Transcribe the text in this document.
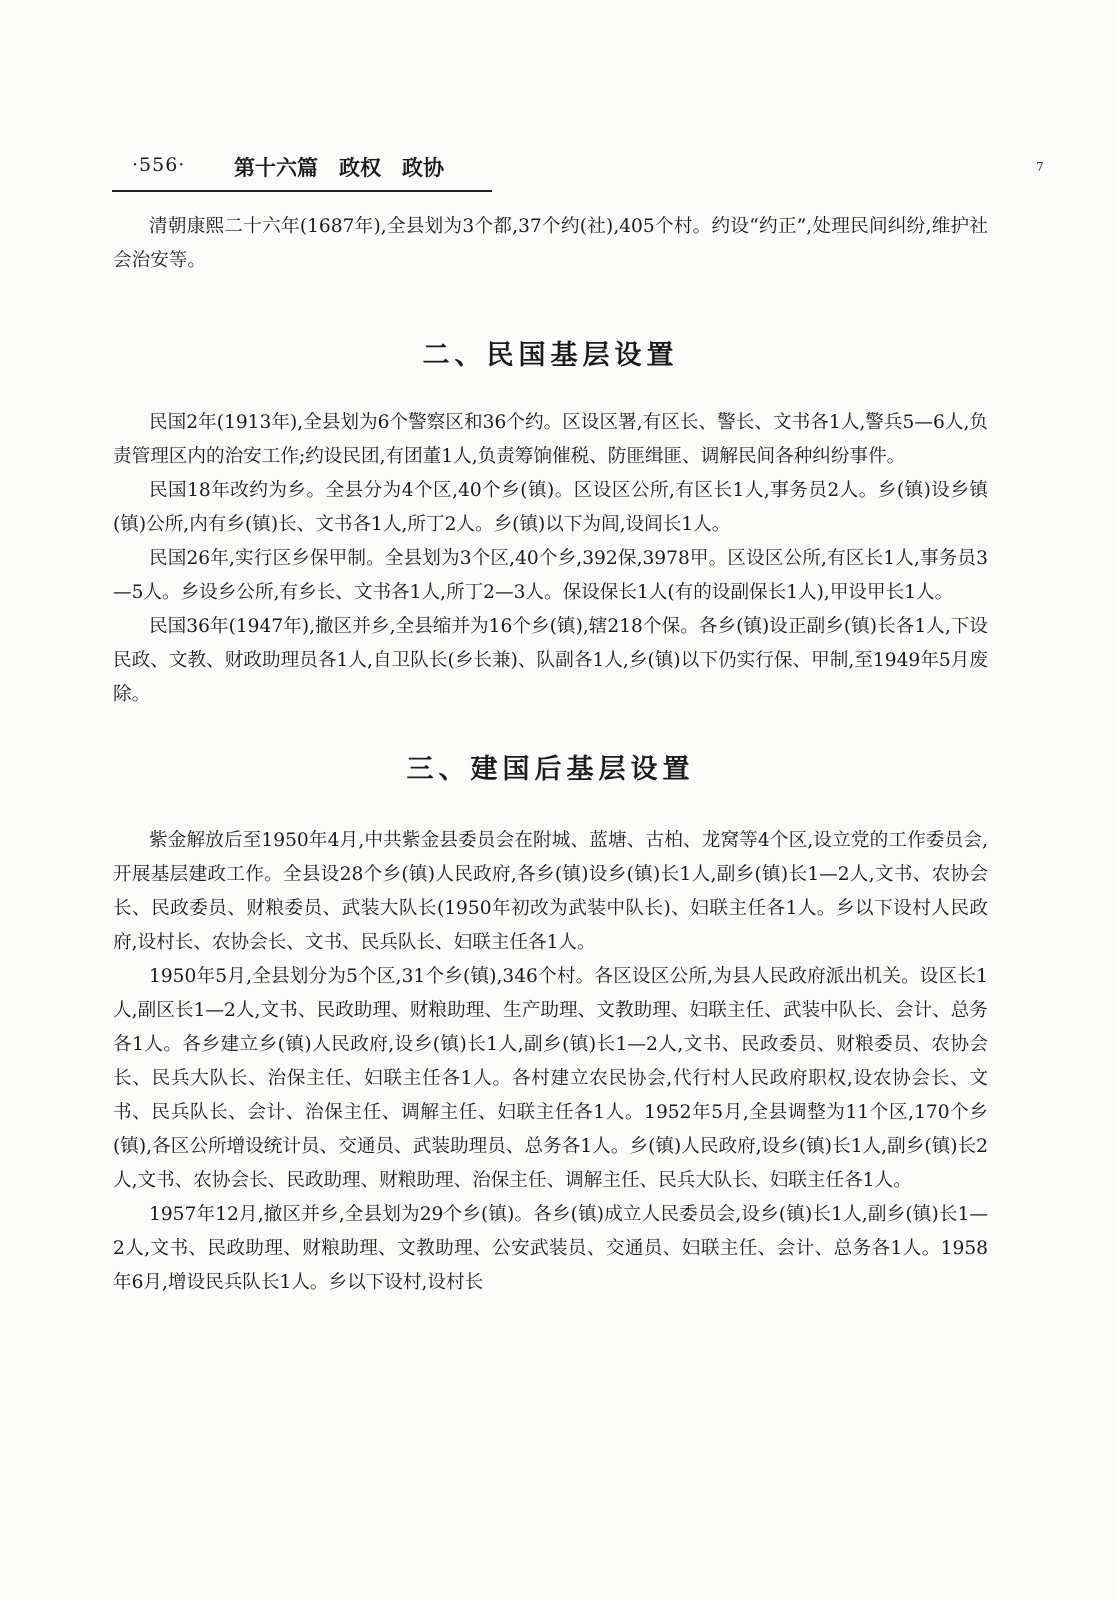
·556· 第十六篇　政权　政协	7

清朝康熙二十六年(1687年),全县划为3个都,37个约(社),405个村。约设“约正”,处理民间纠纷,维护社会治安等。

二、民国基层设置

民国2年(1913年),全县划为6个警察区和36个约。区设区署,有区长、警长、文书各1人,警兵5—6人,负责管理区内的治安工作;约设民团,有团董1人,负责筹饷催税、防匪缉匪、调解民间各种纠纷事件。

民国18年改约为乡。全县分为4个区,40个乡(镇)。区设区公所,有区长1人,事务员2人。乡(镇)设乡镇(镇)公所,内有乡(镇)长、文书各1人,所丁2人。乡(镇)以下为闾,设闾长1人。

民国26年,实行区乡保甲制。全县划为3个区,40个乡,392保,3978甲。区设区公所,有区长1人,事务员3—5人。乡设乡公所,有乡长、文书各1人,所丁2—3人。保设保长1人(有的设副保长1人),甲设甲长1人。

民国36年(1947年),撤区并乡,全县缩并为16个乡(镇),辖218个保。各乡(镇)设正副乡(镇)长各1人,下设民政、文教、财政助理员各1人,自卫队长(乡长兼)、队副各1人,乡(镇)以下仍实行保、甲制,至1949年5月废除。

三、建国后基层设置

紫金解放后至1950年4月,中共紫金县委员会在附城、蓝塘、古柏、龙窝等4个区,设立党的工作委员会,开展基层建政工作。全县设28个乡(镇)人民政府,各乡(镇)设乡(镇)长1人,副乡(镇)长1—2人,文书、农协会长、民政委员、财粮委员、武装大队长(1950年初改为武装中队长)、妇联主任各1人。乡以下设村人民政府,设村长、农协会长、文书、民兵队长、妇联主任各1人。

1950年5月,全县划分为5个区,31个乡(镇),346个村。各区设区公所,为县人民政府派出机关。设区长1人,副区长1—2人,文书、民政助理、财粮助理、生产助理、文教助理、妇联主任、武装中队长、会计、总务各1人。各乡建立乡(镇)人民政府,设乡(镇)长1人,副乡(镇)长1—2人,文书、民政委员、财粮委员、农协会长、民兵大队长、治保主任、妇联主任各1人。各村建立农民协会,代行村人民政府职权,设农协会长、文书、民兵队长、会计、治保主任、调解主任、妇联主任各1人。1952年5月,全县调整为11个区,170个乡(镇),各区公所增设统计员、交通员、武装助理员、总务各1人。乡(镇)人民政府,设乡(镇)长1人,副乡(镇)长2人,文书、农协会长、民政助理、财粮助理、治保主任、调解主任、民兵大队长、妇联主任各1人。

1957年12月,撤区并乡,全县划为29个乡(镇)。各乡(镇)成立人民委员会,设乡(镇)长1人,副乡(镇)长1—2人,文书、民政助理、财粮助理、文教助理、公安武装员、交通员、妇联主任、会计、总务各1人。1958年6月,增设民兵队长1人。乡以下设村,设村长
